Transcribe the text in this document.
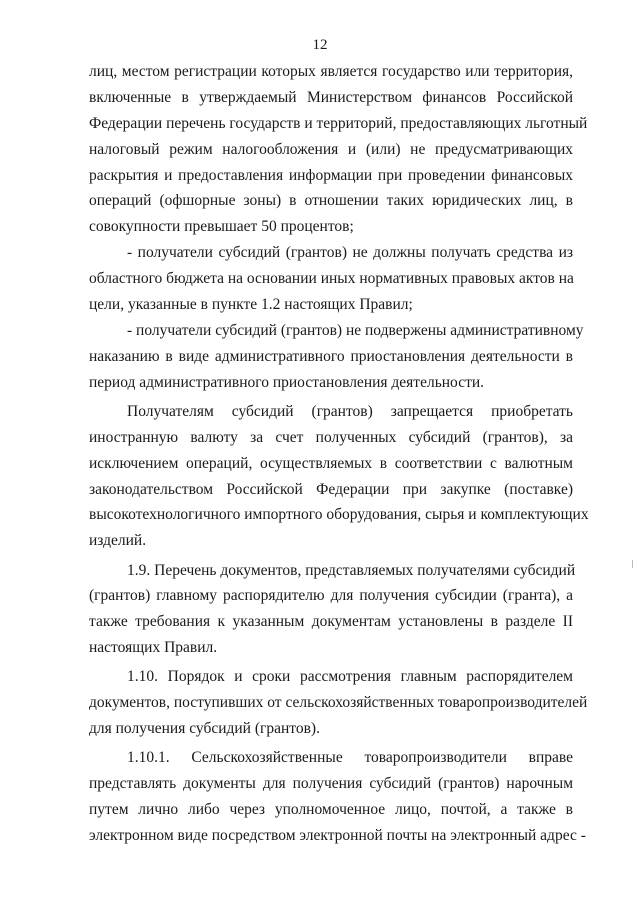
12
лиц, местом регистрации которых является государство или территория,
включенные в утверждаемый Министерством финансов Российской
Федерации перечень государств и территорий, предоставляющих льготный
налоговый режим налогообложения и (или) не предусматривающих
раскрытия и предоставления информации при проведении финансовых
операций (офшорные зоны) в отношении таких юридических лиц, в
совокупности превышает 50 процентов;
- получатели субсидий (грантов) не должны получать средства из
областного бюджета на основании иных нормативных правовых актов на
цели, указанные в пункте 1.2 настоящих Правил;
- получатели субсидий (грантов) не подвержены административному
наказанию в виде административного приостановления деятельности в
период административного приостановления деятельности.
Получателям субсидий (грантов) запрещается приобретать
иностранную валюту за счет полученных субсидий (грантов), за
исключением операций, осуществляемых в соответствии с валютным
законодательством Российской Федерации при закупке (поставке)
высокотехнологичного импортного оборудования, сырья и комплектующих
изделий.
1.9. Перечень документов, представляемых получателями субсидий
(грантов) главному распорядителю для получения субсидии (гранта), а
также требования к указанным документам установлены в разделе II
настоящих Правил.
1.10. Порядок и сроки рассмотрения главным распорядителем
документов, поступивших от сельскохозяйственных товаропроизводителей
для получения субсидий (грантов).
1.10.1. Сельскохозяйственные товаропроизводители вправе
представлять документы для получения субсидий (грантов) нарочным
путем лично либо через уполномоченное лицо, почтой, а также в
электронном виде посредством электронной почты на электронный адрес -
